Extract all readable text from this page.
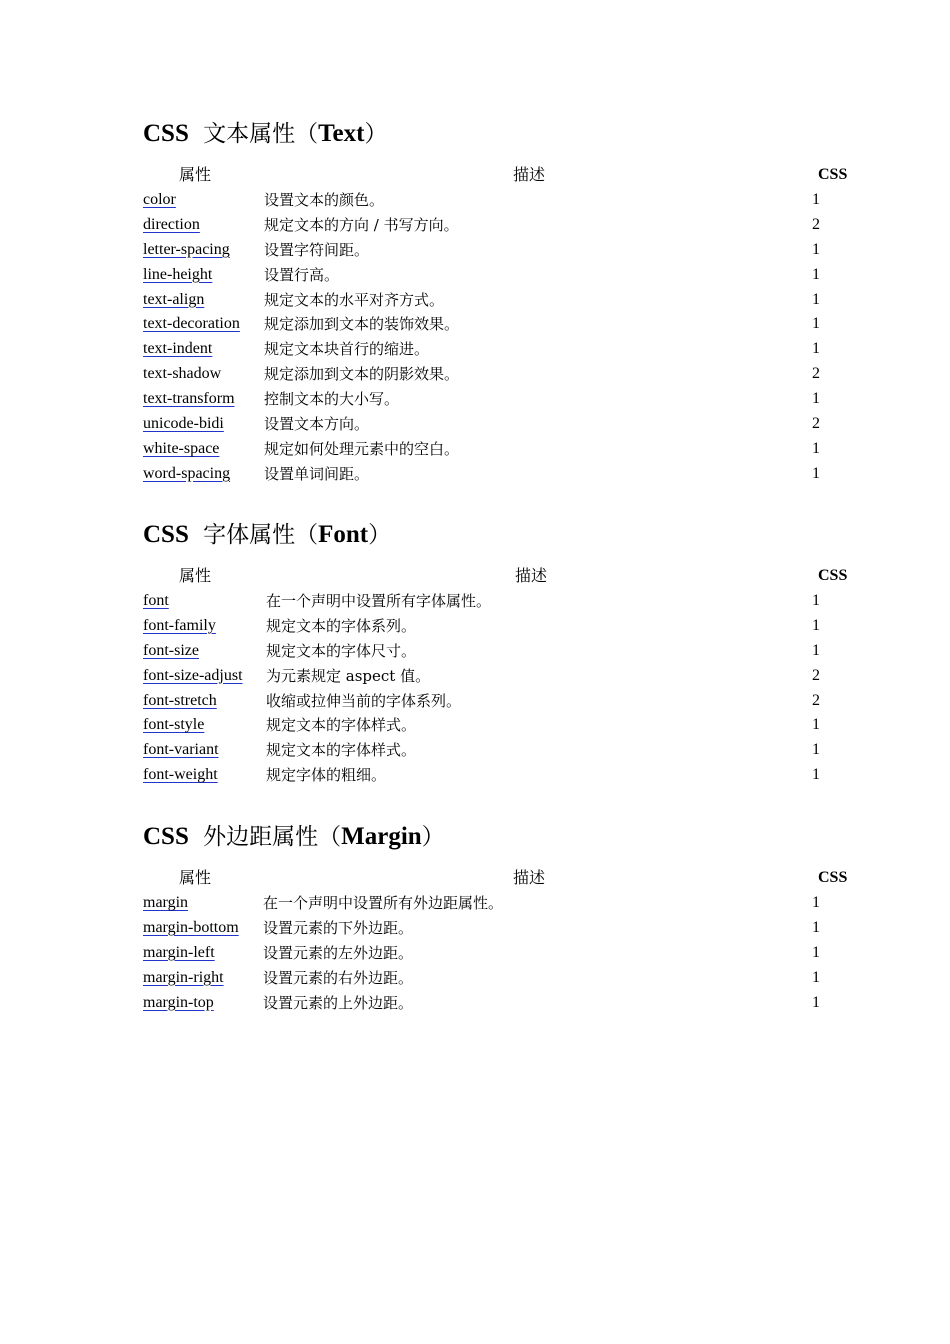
CSS 文本属性（Text）
属性	描述	CSS
color	设置文本的颜色。	1
direction	规定文本的方向 / 书写方向。	2
letter-spacing 设置字符间距。	1
line-height	设置行高。	1
text-align	规定文本的水平对齐方式。	1
text-decoration 规定添加到文本的装饰效果。	1
text-indent	规定文本块首行的缩进。	1
text-shadow	规定添加到文本的阴影效果。	2
text-transform 控制文本的大小写。	1
unicode-bidi	设置文本方向。	2
white-space	规定如何处理元素中的空白。	1
word-spacing 设置单词间距。	1
CSS 字体属性（Font）
属性	描述	CSS
font	在一个声明中设置所有字体属性。	1
font-family	规定文本的字体系列。	1
font-size	规定文本的字体尺寸。	1
font-size-adjust 为元素规定 aspect 值。	2
font-stretch	收缩或拉伸当前的字体系列。	2
font-style	规定文本的字体样式。	1
font-variant	规定文本的字体样式。	1
font-weight	规定字体的粗细。	1
CSS 外边距属性（Margin）
属性	描述	CSS
margin	在一个声明中设置所有外边距属性。	1
margin-bottom 设置元素的下外边距。	1
margin-left	设置元素的左外边距。	1
margin-right	设置元素的右外边距。	1
margin-top	设置元素的上外边距。	1
